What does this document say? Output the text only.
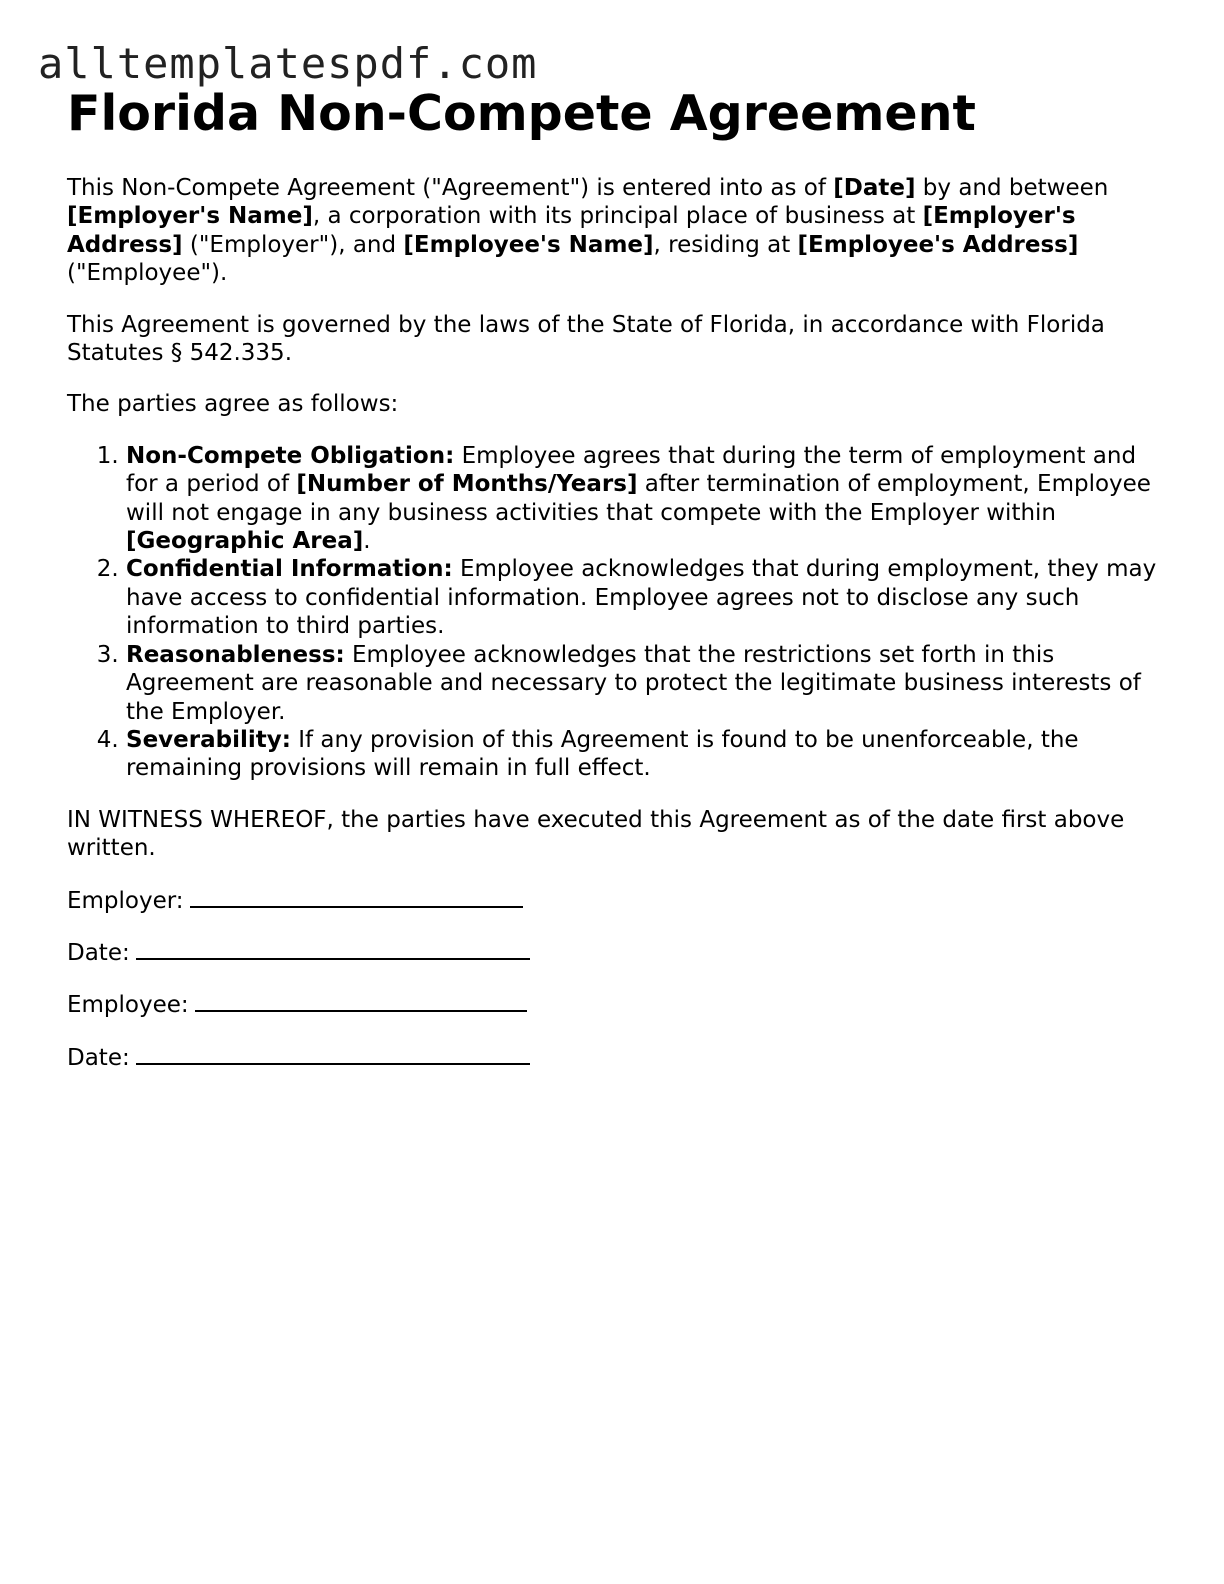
alltemplatespdf.com
Florida Non-Compete Agreement

This Non-Compete Agreement ("Agreement") is entered into as of [Date] by and between [Employer's Name], a corporation with its principal place of business at [Employer's Address] ("Employer"), and [Employee's Name], residing at [Employee's Address] ("Employee").

This Agreement is governed by the laws of the State of Florida, in accordance with Florida Statutes § 542.335.

The parties agree as follows:

1. Non-Compete Obligation: Employee agrees that during the term of employment and for a period of [Number of Months/Years] after termination of employment, Employee will not engage in any business activities that compete with the Employer within [Geographic Area].
2. Confidential Information: Employee acknowledges that during employment, they may have access to confidential information. Employee agrees not to disclose any such information to third parties.
3. Reasonableness: Employee acknowledges that the restrictions set forth in this Agreement are reasonable and necessary to protect the legitimate business interests of the Employer.
4. Severability: If any provision of this Agreement is found to be unenforceable, the remaining provisions will remain in full effect.

IN WITNESS WHEREOF, the parties have executed this Agreement as of the date first above written.

Employer:
Date:
Employee:
Date:
